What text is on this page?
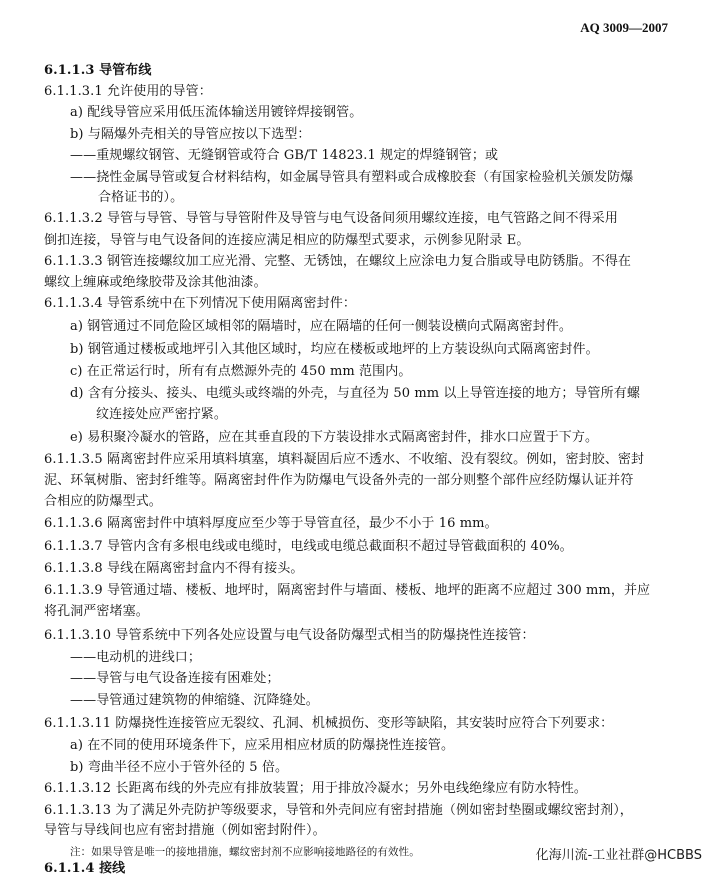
AQ 3009—2007
6.1.1.3 导管布线
6.1.1.3.1 允许使用的导管：
a) 配线导管应采用低压流体输送用镀锌焊接钢管。
b) 与隔爆外壳相关的导管应按以下选型：
——重规螺纹钢管、无缝钢管或符合 GB/T 14823.1 规定的焊缝钢管；或
——挠性金属导管或复合材料结构，如金属导管具有塑料或合成橡胶套（有国家检验机关颁发防爆
合格证书的）。
6.1.1.3.2 导管与导管、导管与导管附件及导管与电气设备间须用螺纹连接，电气管路之间不得采用
倒扣连接，导管与电气设备间的连接应满足相应的防爆型式要求，示例参见附录 E。
6.1.1.3.3 钢管连接螺纹加工应光滑、完整、无锈蚀，在螺纹上应涂电力复合脂或导电防锈脂。不得在
螺纹上缠麻或绝缘胶带及涂其他油漆。
6.1.1.3.4 导管系统中在下列情况下使用隔离密封件：
a) 钢管通过不同危险区域相邻的隔墙时，应在隔墙的任何一侧装设横向式隔离密封件。
b) 钢管通过楼板或地坪引入其他区域时，均应在楼板或地坪的上方装设纵向式隔离密封件。
c) 在正常运行时，所有有点燃源外壳的 450 mm 范围内。
d) 含有分接头、接头、电缆头或终端的外壳，与直径为 50 mm 以上导管连接的地方；导管所有螺
纹连接处应严密拧紧。
e) 易积聚冷凝水的管路，应在其垂直段的下方装设排水式隔离密封件，排水口应置于下方。
6.1.1.3.5 隔离密封件应采用填料填塞，填料凝固后应不透水、不收缩、没有裂纹。例如，密封胶、密封
泥、环氧树脂、密封纤维等。隔离密封件作为防爆电气设备外壳的一部分则整个部件应经防爆认证并符
合相应的防爆型式。
6.1.1.3.6 隔离密封件中填料厚度应至少等于导管直径，最少不小于 16 mm。
6.1.1.3.7 导管内含有多根电线或电缆时，电线或电缆总截面积不超过导管截面积的 40%。
6.1.1.3.8 导线在隔离密封盒内不得有接头。
6.1.1.3.9 导管通过墙、楼板、地坪时，隔离密封件与墙面、楼板、地坪的距离不应超过 300 mm，并应
将孔洞严密堵塞。
6.1.1.3.10 导管系统中下列各处应设置与电气设备防爆型式相当的防爆挠性连接管：
——电动机的进线口；
——导管与电气设备连接有困难处；
——导管通过建筑物的伸缩缝、沉降缝处。
6.1.1.3.11 防爆挠性连接管应无裂纹、孔洞、机械损伤、变形等缺陷，其安装时应符合下列要求：
a) 在不同的使用环境条件下，应采用相应材质的防爆挠性连接管。
b) 弯曲半径不应小于管外径的 5 倍。
6.1.1.3.12 长距离布线的外壳应有排放装置；用于排放冷凝水；另外电线绝缘应有防水特性。
6.1.1.3.13 为了满足外壳防护等级要求，导管和外壳间应有密封措施（例如密封垫圈或螺纹密封剂），
导管与导线间也应有密封措施（例如密封附件）。
注：如果导管是唯一的接地措施，螺纹密封剂不应影响接地路径的有效性。
6.1.1.4 接线
化海川流-工业社群@HCBBS
